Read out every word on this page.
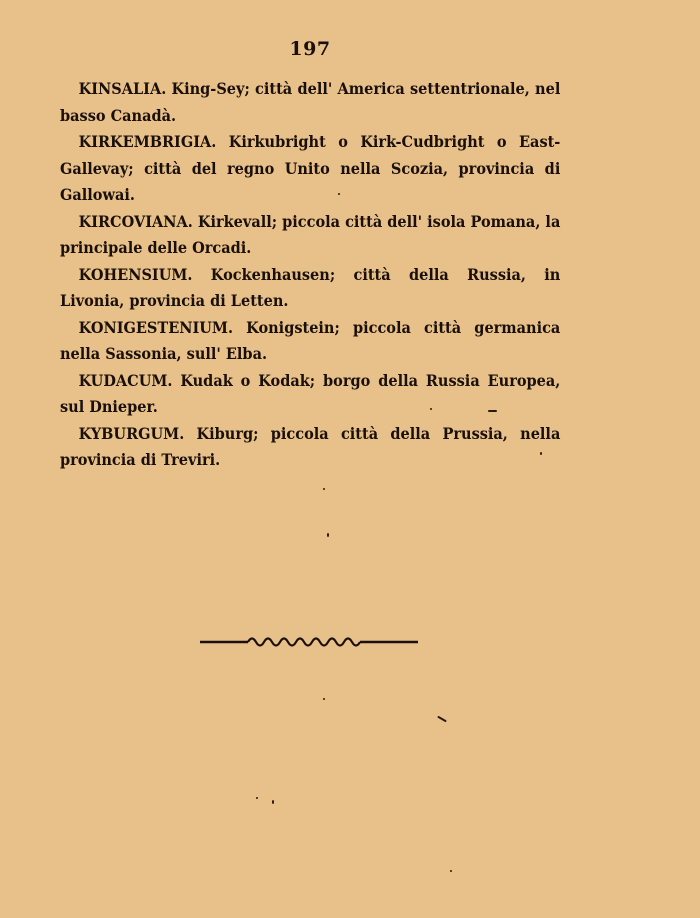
197

KINSALIA. King-Sey; città dell' America settentrionale, nel basso Canadà.

KIRKEMBRIGIA. Kirkubright o Kirk-Cudbright o East-Gallevay; città del regno Unito nella Scozia, provincia di Gallowai.

KIRCOVIANA. Kirkevall; piccola città dell' isola Pomana, la principale delle Orcadi.

KOHENSIUM. Kockenhausen; città della Russia, in Livonia, provincia di Letten.

KONIGESTENIUM. Konigstein; piccola città germanica nella Sassonia, sull' Elba.

KUDACUM. Kudak o Kodak; borgo della Russia Europea, sul Dnieper.

KYBURGUM. Kiburg; piccola città della Prussia, nella provincia di Treviri.
